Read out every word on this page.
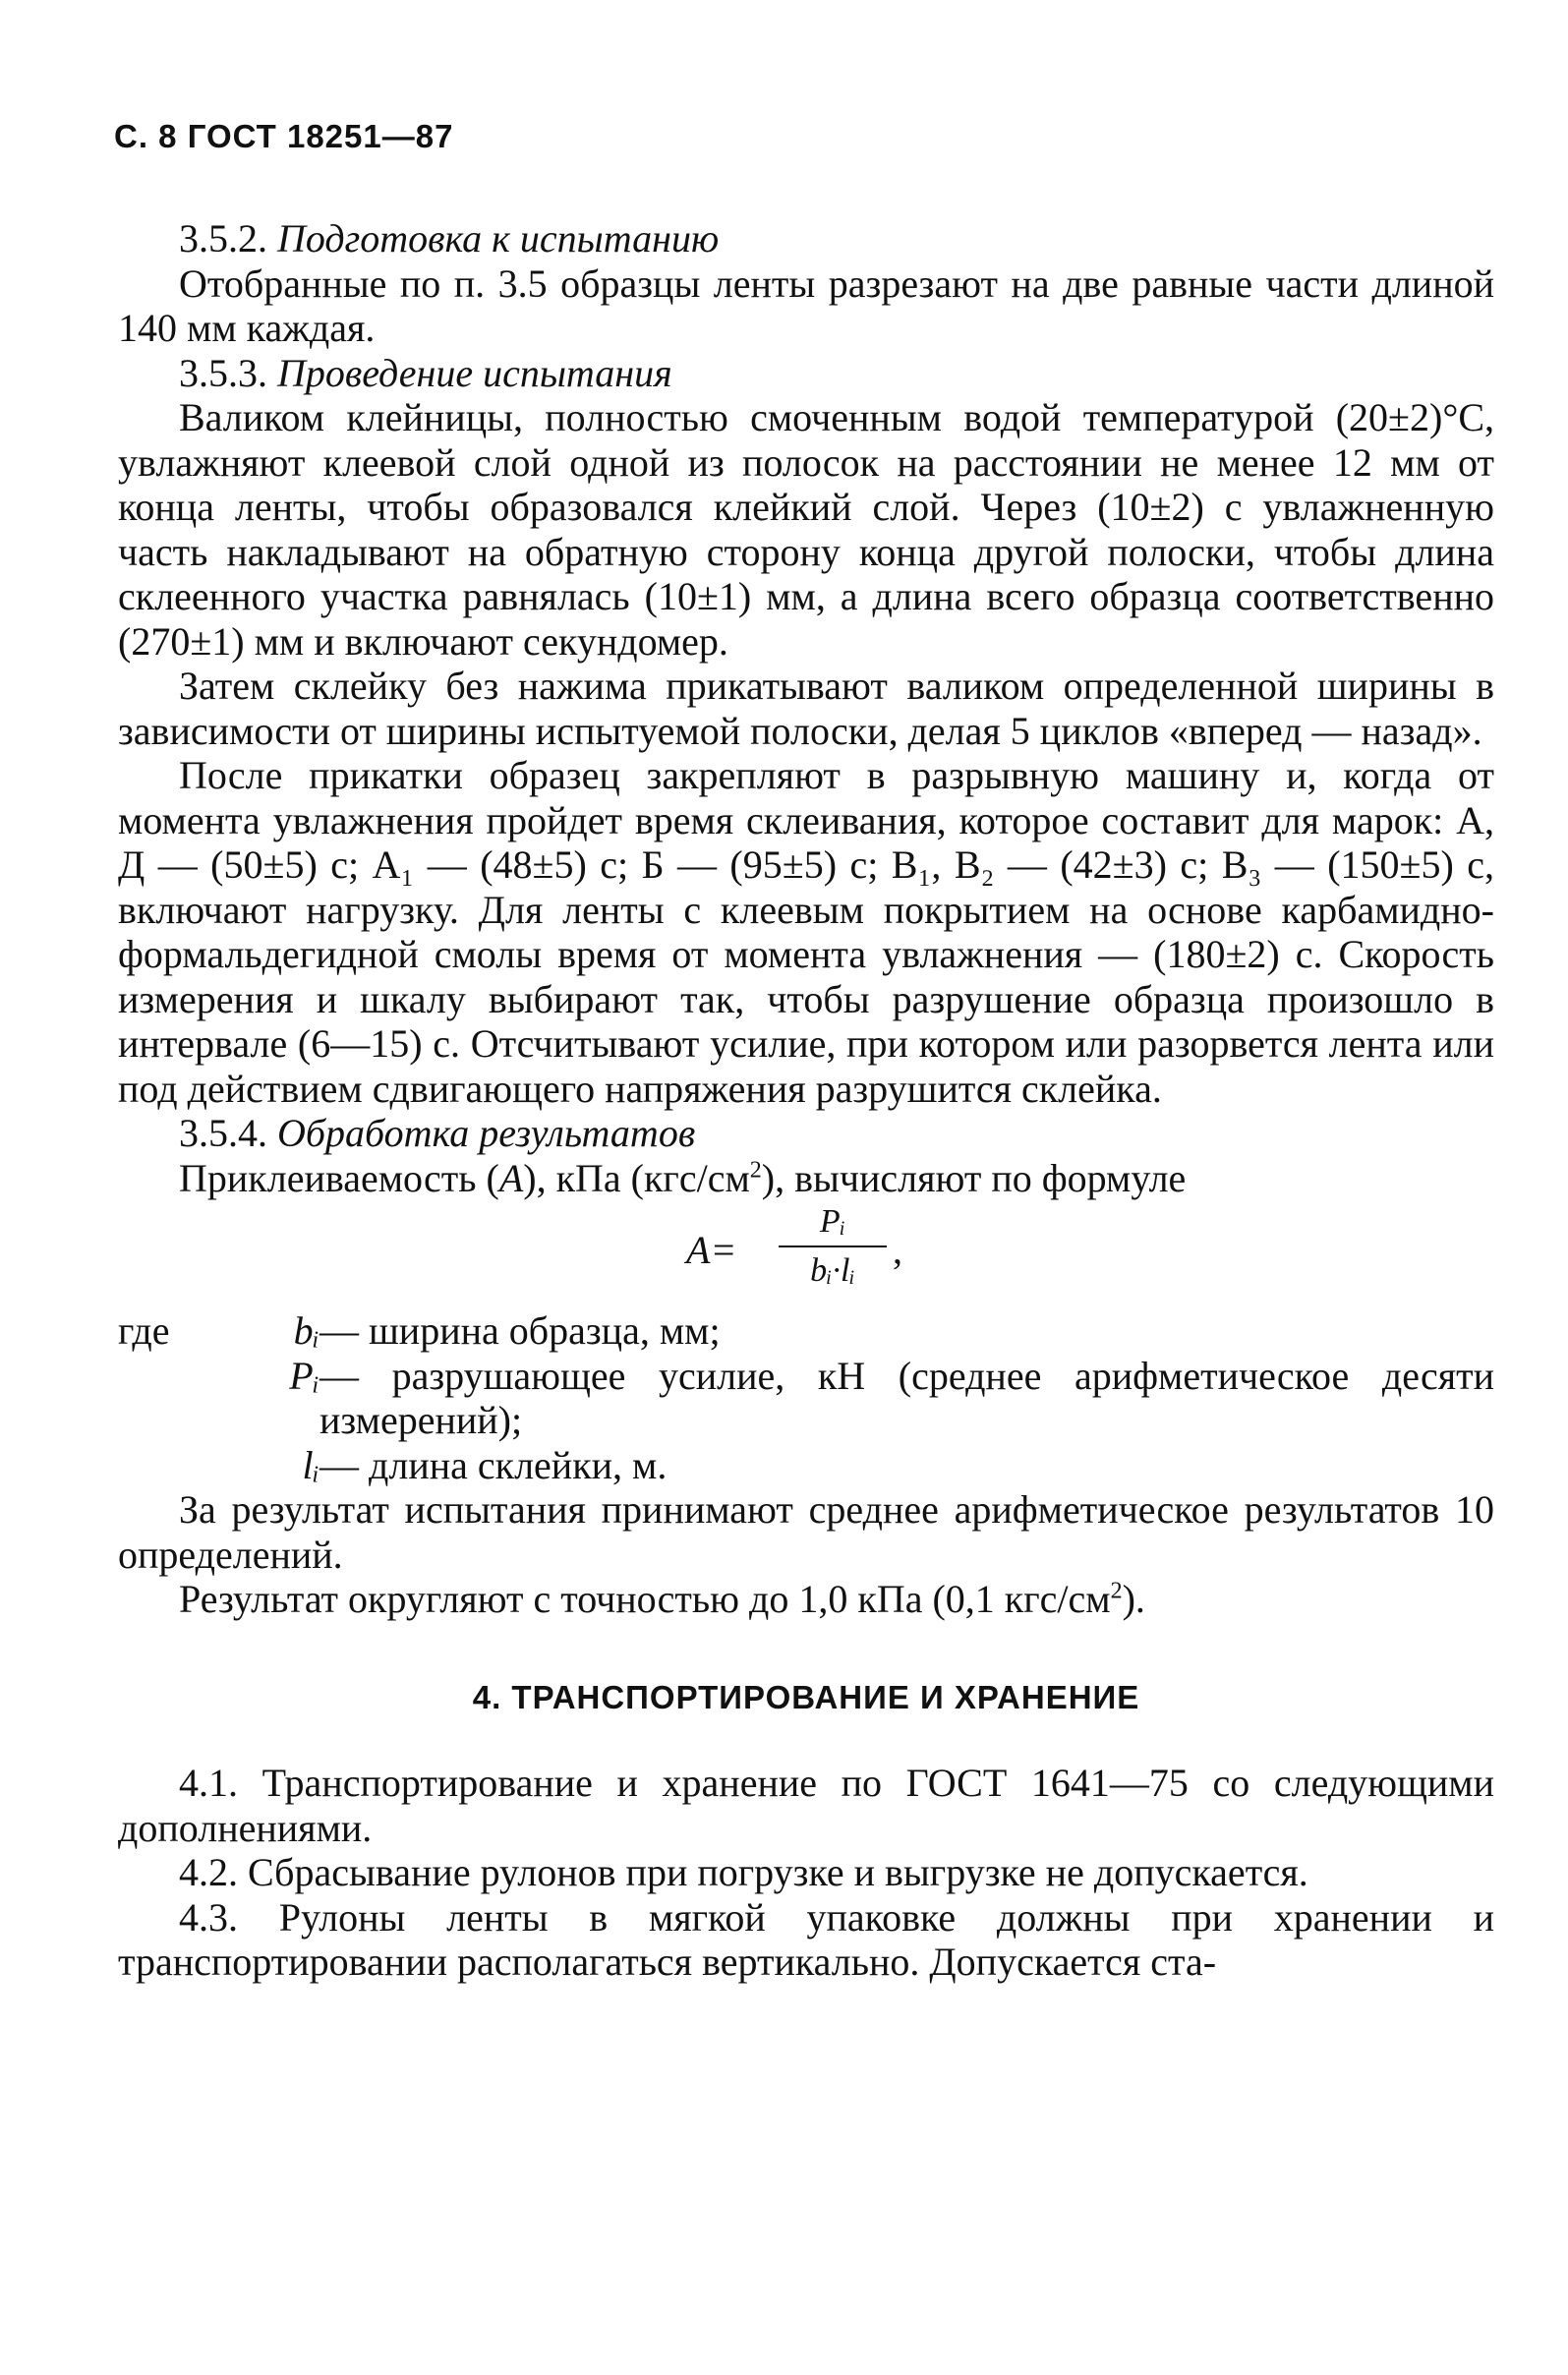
С. 8 ГОСТ 18251—87

3.5.2. Подготовка к испытанию

Отобранные по п. 3.5 образцы ленты разрезают на две равные части длиной 140 мм каждая.

3.5.3. Проведение испытания

Валиком клейницы, полностью смоченным водой температурой (20±2)°С, увлажняют клеевой слой одной из полосок на расстоянии не менее 12 мм от конца ленты, чтобы образовался клейкий слой. Через (10±2) с увлажненную часть накладывают на обратную сторону конца другой полоски, чтобы длина склеенного участка равнялась (10±1) мм, а длина всего образца соответственно (270±1) мм и включают секундомер.

Затем склейку без нажима прикатывают валиком определенной ширины в зависимости от ширины испытуемой полоски, делая 5 циклов «вперед — назад».

После прикатки образец закрепляют в разрывную машину и, когда от момента увлажнения пройдет время склеивания, которое составит для марок: А, Д — (50±5) с; А₁ — (48±5) с; Б — (95±5) с; В₁, В₂ — (42±3) с; В₃ — (150±5) с, включают нагрузку. Для ленты с клеевым покрытием на основе карбамидно-формальдегидной смолы время от момента увлажнения — (180±2) с. Скорость измерения и шкалу выбирают так, чтобы разрушение образца произошло в интервале (6—15) с. Отсчитывают усилие, при котором или разорвется лента или под действием сдвигающего напряжения разрушится склейка.

3.5.4. Обработка результатов

Приклеиваемость (A), кПа $(кгс/см^2)$, вычисляют по формуле

A=
Pᵢ
bᵢ·lᵢ ,
где	bᵢ — ширина образца, мм;
Pᵢ — разрушающее усилие, кН (среднее арифметическое десяти измерений);
lᵢ — длина склейки, м.

За результат испытания принимают среднее арифметическое результатов 10 определений.

Результат округляют с точностью до 1,0 кПа (0,1 кгс/$см^2$).

4. ТРАНСПОРТИРОВАНИЕ И ХРАНЕНИЕ

4.1. Транспортирование и хранение по ГОСТ 1641—75 со следующими дополнениями.

4.2. Сбрасывание рулонов при погрузке и выгрузке не допускается.

4.3. Рулоны ленты в мягкой упаковке должны при хранении и транспортировании располагаться вертикально. Допускается ста-
